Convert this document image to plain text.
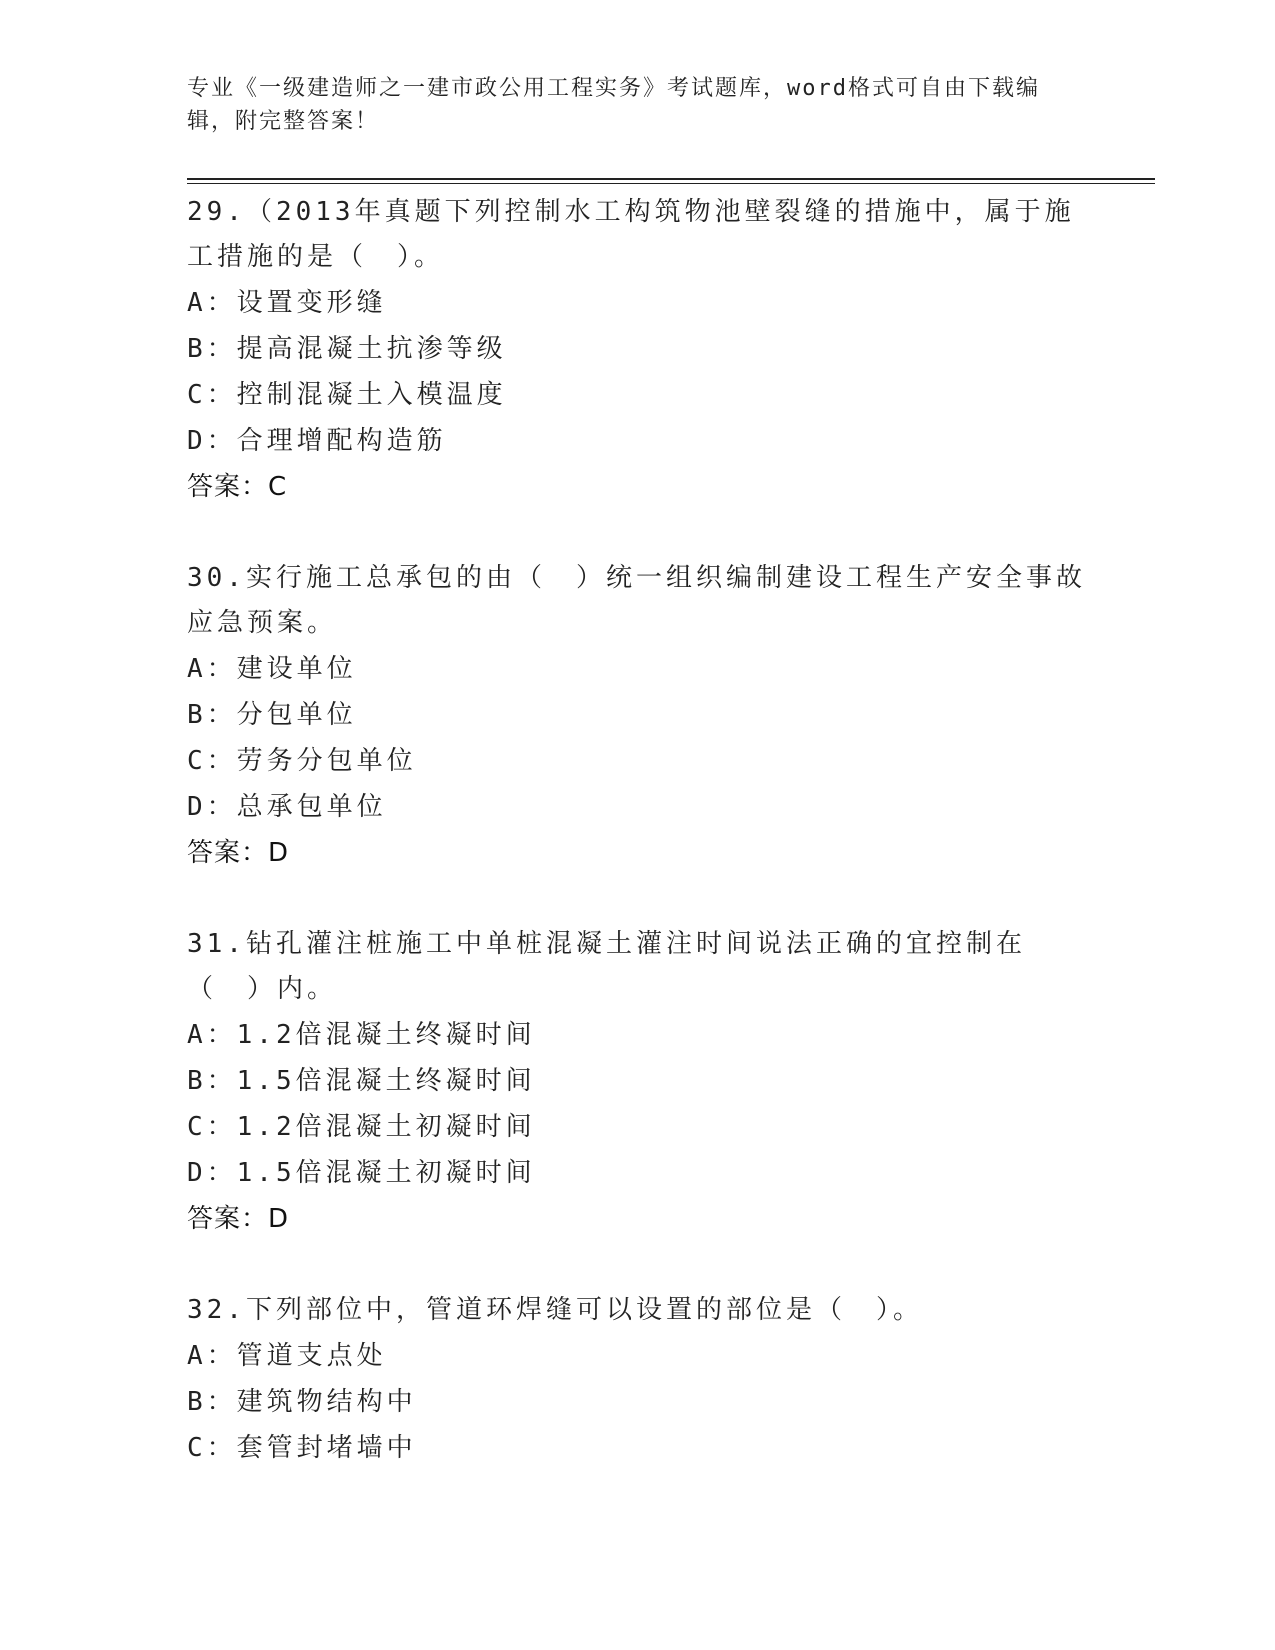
专业《一级建造师之一建市政公用工程实务》考试题库，word格式可自由下载编辑，附完整答案！
29.（2013年真题下列控制水工构筑物池壁裂缝的措施中，属于施工措施的是（　）。
A：设置变形缝
B：提高混凝土抗渗等级
C：控制混凝土入模温度
D：合理增配构造筋
答案：C
30.实行施工总承包的由（　）统一组织编制建设工程生产安全事故应急预案。
A：建设单位
B：分包单位
C：劳务分包单位
D：总承包单位
答案：D
31.钻孔灌注桩施工中单桩混凝土灌注时间说法正确的宜控制在（　）内。
A：1.2倍混凝土终凝时间
B：1.5倍混凝土终凝时间
C：1.2倍混凝土初凝时间
D：1.5倍混凝土初凝时间
答案：D
32.下列部位中，管道环焊缝可以设置的部位是（　）。
A：管道支点处
B：建筑物结构中
C：套管封堵墙中
